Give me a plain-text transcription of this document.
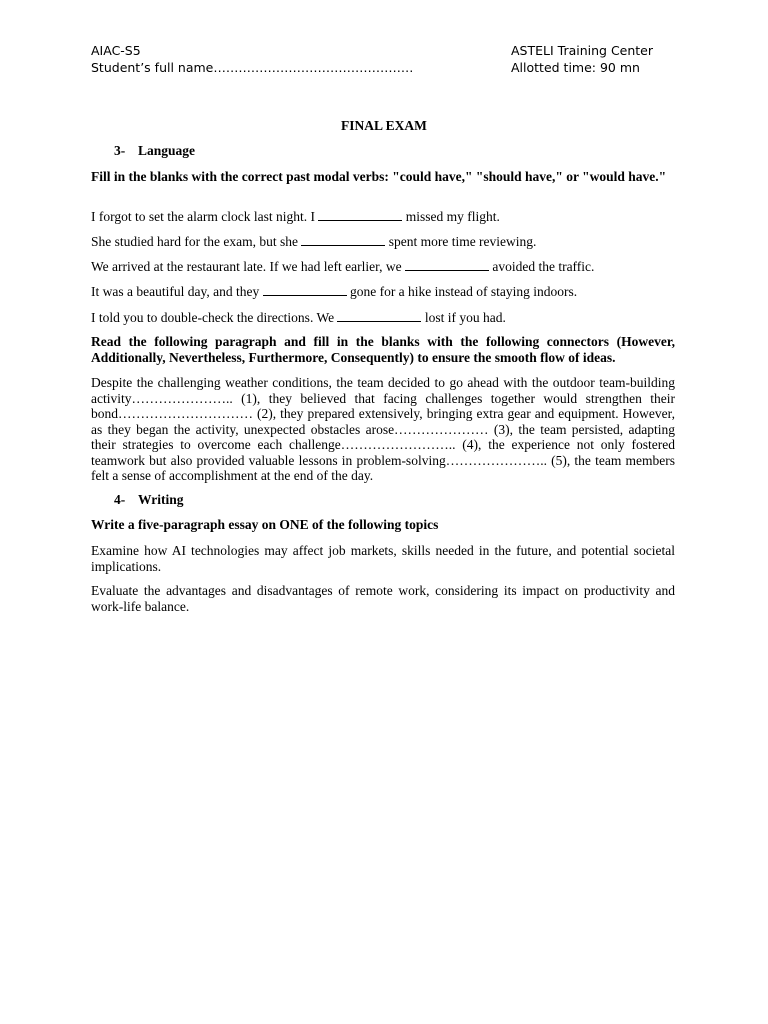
AIAC-S5
Student’s full name…………………………………………
ASTELI Training Center
Allotted time: 90 mn
FINAL EXAM
3- Language
Fill in the blanks with the correct past modal verbs: "could have," "should have," or "would have."
I forgot to set the alarm clock last night. I	missed my flight.
She studied hard for the exam, but she	spent more time reviewing.
We arrived at the restaurant late. If we had left earlier, we	avoided the traffic.
It was a beautiful day, and they	gone for a hike instead of staying indoors.
I told you to double-check the directions. We	lost if you had.
Read the following paragraph and fill in the blanks with the following connectors (However, Additionally, Nevertheless, Furthermore, Consequently) to ensure the smooth flow of ideas.
Despite the challenging weather conditions, the team decided to go ahead with the outdoor team-building activity………………….. (1), they believed that facing challenges together would strengthen their bond………………………… (2), they prepared extensively, bringing extra gear and equipment. However, as they began the activity, unexpected obstacles arose………………… (3), the team persisted, adapting their strategies to overcome each challenge…………………….. (4), the experience not only fostered teamwork but also provided valuable lessons in problem-solving………………….. (5), the team members felt a sense of accomplishment at the end of the day.
4- Writing
Write a five-paragraph essay on ONE of the following topics
Examine how AI technologies may affect job markets, skills needed in the future, and potential societal implications.
Evaluate the advantages and disadvantages of remote work, considering its impact on productivity and work-life balance.
